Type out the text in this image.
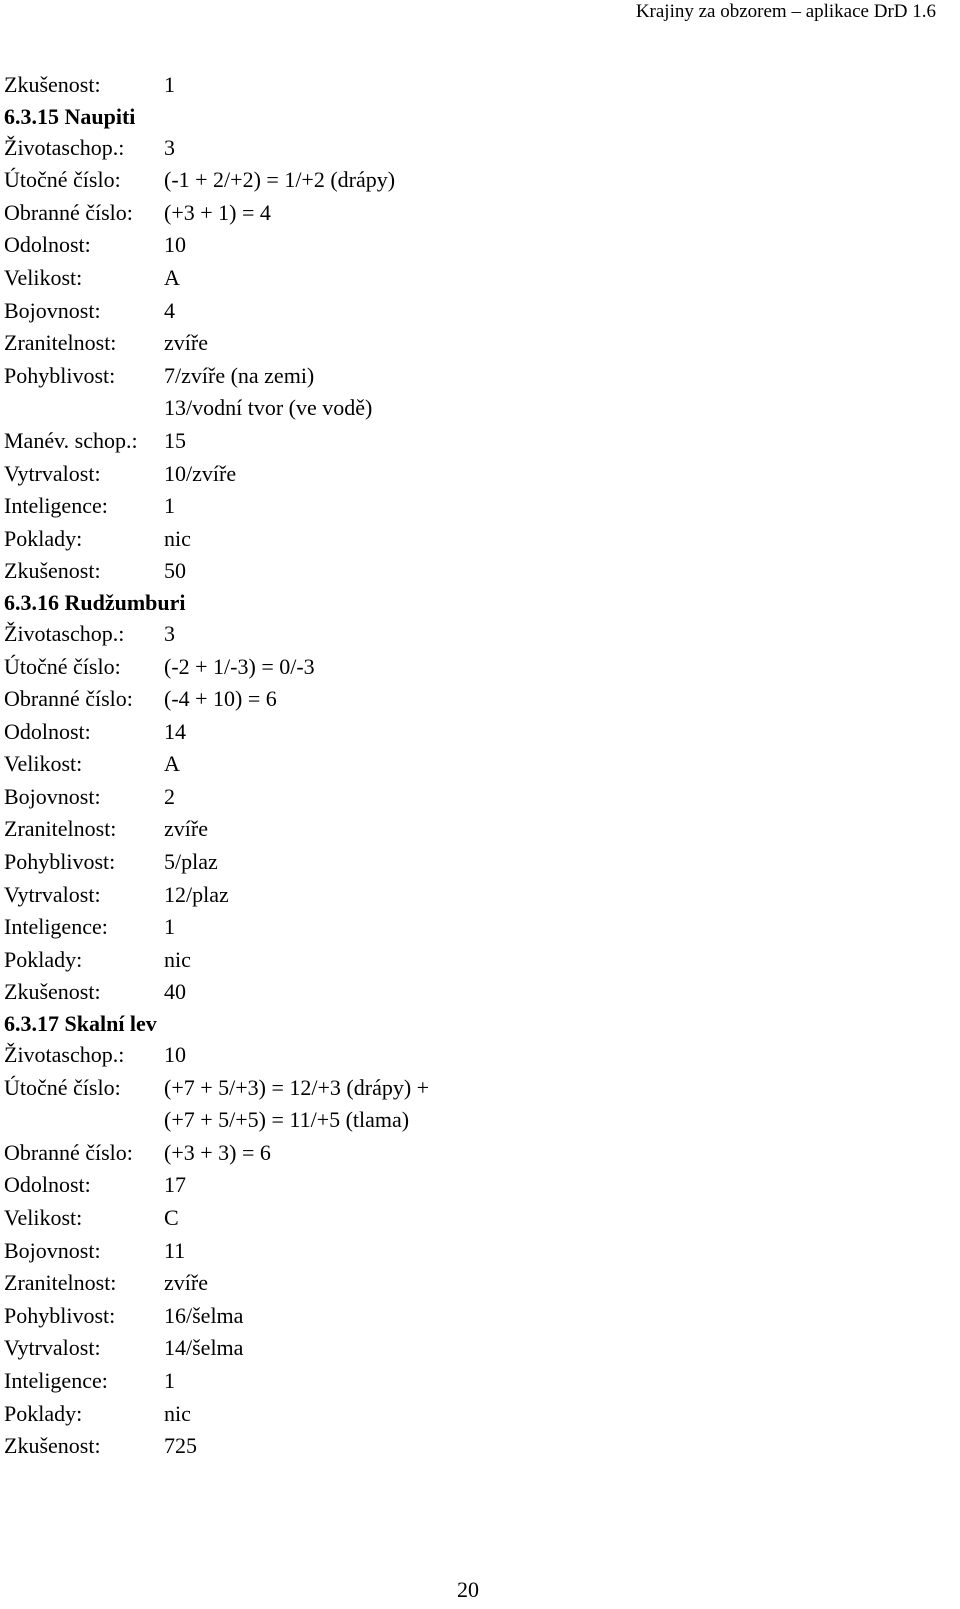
Krajiny za obzorem – aplikace DrD 1.6
Zkušenost:	1
6.3.15 Naupiti
Životaschop.: 3
Útočné číslo: (-1 + 2/+2) = 1/+2 (drápy)
Obranné číslo: (+3 + 1) = 4
Odolnost:	10
Velikost:	A
Bojovnost:	4
Zranitelnost: zvíře
Pohyblivost: 7/zvíře (na zemi)
13/vodní tvor (ve vodě)
Manév. schop.: 15
Vytrvalost:	10/zvíře
Inteligence:	1
Poklady:	nic
Zkušenost:	50
6.3.16 Rudžumburi
Životaschop.: 3
Útočné číslo: (-2 + 1/-3) = 0/-3
Obranné číslo: (-4 + 10) = 6
Odolnost:	14
Velikost:	A
Bojovnost:	2
Zranitelnost: zvíře
Pohyblivost: 5/plaz
Vytrvalost:	12/plaz
Inteligence:	1
Poklady:	nic
Zkušenost:	40
6.3.17 Skalní lev
Životaschop.: 10
Útočné číslo: (+7 + 5/+3) = 12/+3 (drápy) +
(+7 + 5/+5) = 11/+5 (tlama)
Obranné číslo: (+3 + 3) = 6
Odolnost:	17
Velikost:	C
Bojovnost:	11
Zranitelnost: zvíře
Pohyblivost: 16/šelma
Vytrvalost:	14/šelma
Inteligence:	1
Poklady:	nic
Zkušenost:	725
20
